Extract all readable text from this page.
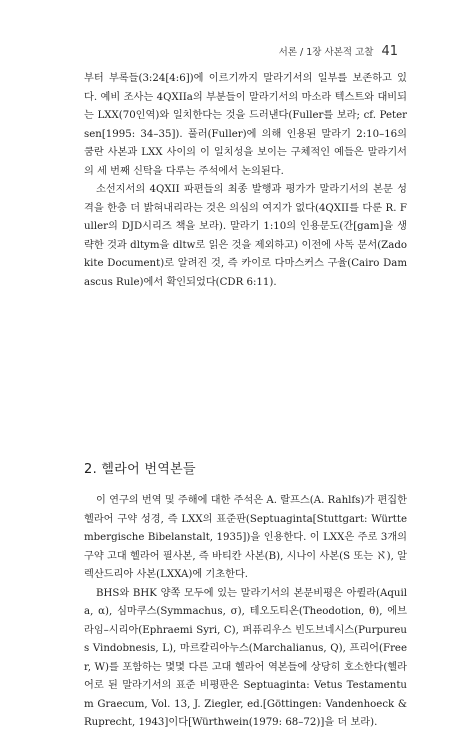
서론 / 1장 사본적 고찰 41

부터 부록들(3:24[4:6])에 이르기까지 말라기서의 일부를 보존하고 있다. 예비 조사는 4QXIIa의 부분들이 말라기서의 마소라 텍스트와 대비되는 LXX(70인역)와 일치한다는 것을 드러낸다(Fuller를 보라; cf. Petersen[1995: 34–35]). 풀러(Fuller)에 의해 인용된 말라기 2:10–16의 쿰란 사본과 LXX 사이의 이 일치성을 보이는 구체적인 예들은 말라기서의 세 번째 신탁을 다루는 주석에서 논의된다.

소선지서의 4QXII 파편들의 최종 발행과 평가가 말라기서의 본문 성격을 한층 더 밝혀내리라는 것은 의심의 여지가 없다(4QXII를 다룬 R. Fuller의 DJD시리즈 책을 보라). 말라기 1:10의 인용문도(간[gam]을 생략한 것과 dltym을 dltw로 읽은 것을 제외하고) 이전에 사독 문서(Zadokite Document)로 알려진 것, 즉 카이로 다마스커스 구율(Cairo Damascus Rule)에서 확인되었다(CDR 6:11).

2. 헬라어 번역본들

이 연구의 번역 및 주해에 대한 주석은 A. 랄프스(A. Rahlfs)가 편집한 헬라어 구약 성경, 즉 LXX의 표준판(Septuaginta[Stuttgart: Württembergische Bibelanstalt, 1935])을 인용한다. 이 LXX은 주로 3개의 구약 고대 헬라어 필사본, 즉 바티칸 사본(B), 시나이 사본(S 또는 ℵ), 알렉산드리아 사본(LXXA)에 기초한다.

BHS와 BHK 양쪽 모두에 있는 말라기서의 본문비평은 아퀼라(Aquila, α), 심마쿠스(Symmachus, σ), 테오도티온(Theodotion, θ), 에브라임–시리아(Ephraemi Syri, C), 퍼퓨리우스 빈도브네시스(Purpureus Vindobnesis, L), 마르칼리아누스(Marchalianus, Q), 프리어(Freer, W)를 포함하는 몇몇 다른 고대 헬라어 역본들에 상당히 호소한다(헬라어로 된 말라기서의 표준 비평판은 Septuaginta: Vetus Testamentum Graecum, Vol. 13, J. Ziegler, ed.[Göttingen: Vandenhoeck & Ruprecht, 1943]이다[Würthwein(1979: 68–72)]을 더 보라).
